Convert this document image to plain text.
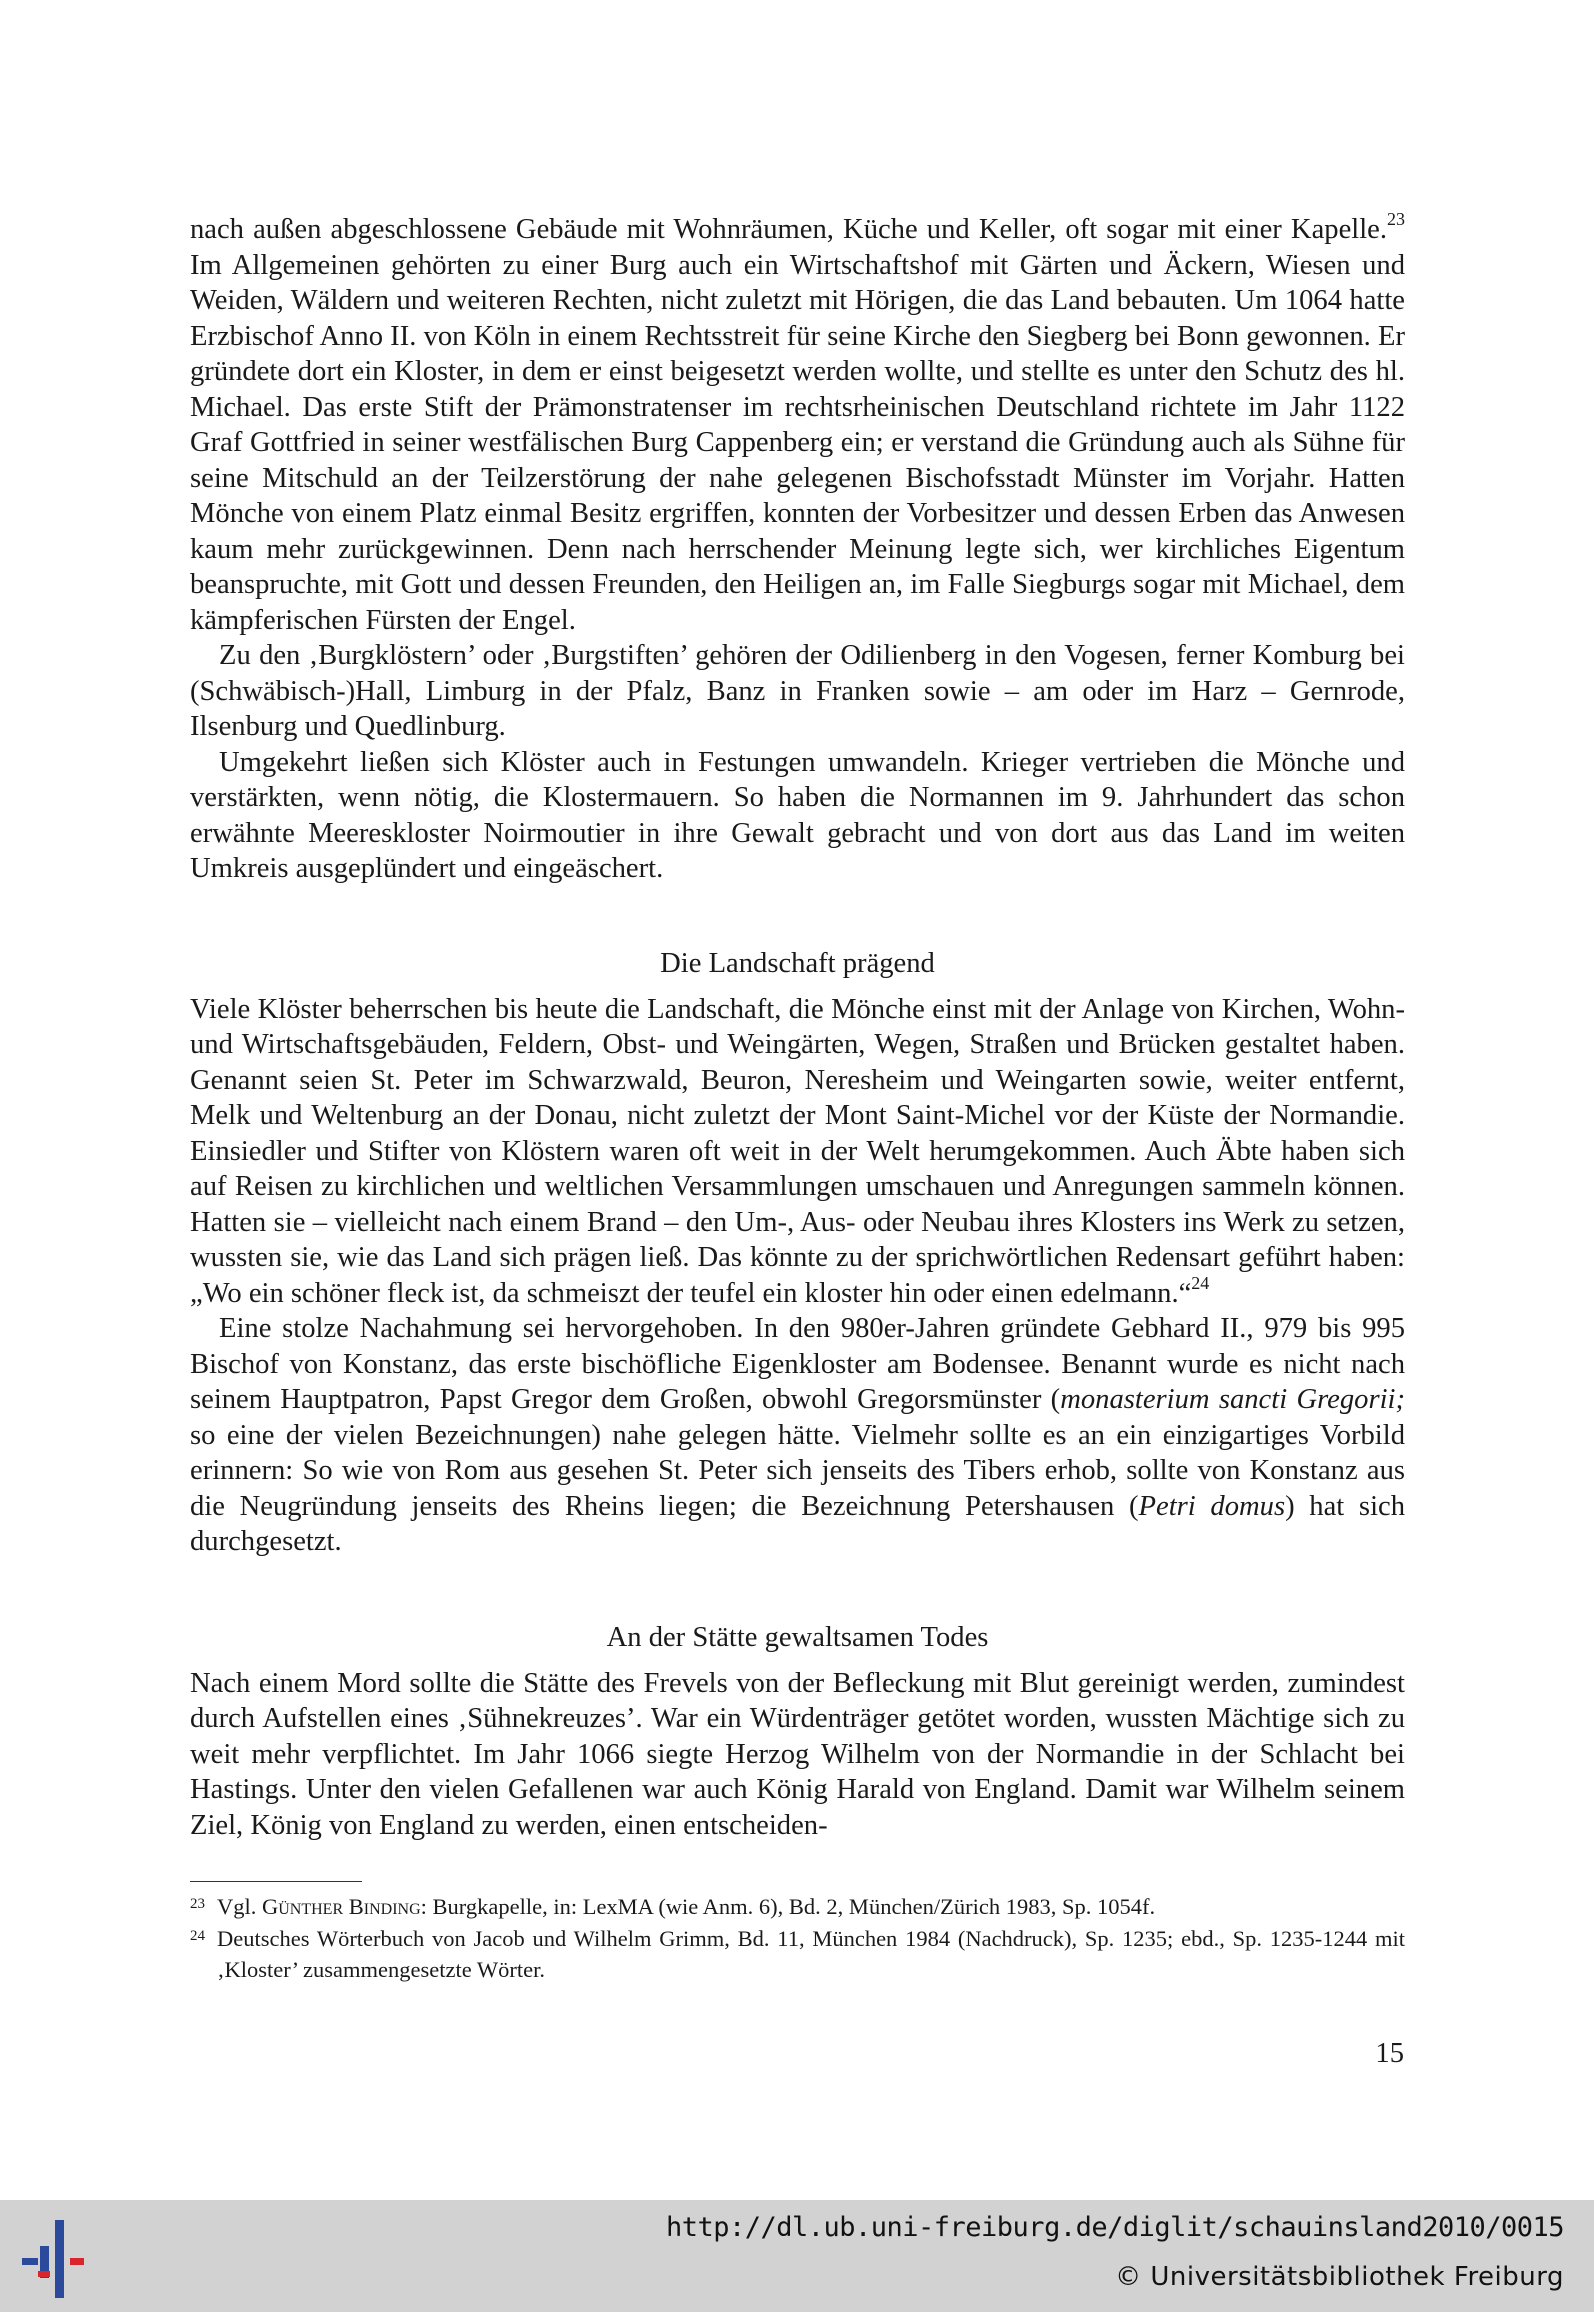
nach außen abgeschlossene Gebäude mit Wohnräumen, Küche und Keller, oft sogar mit einer Kapelle.$^{23}$ Im Allgemeinen gehörten zu einer Burg auch ein Wirtschaftshof mit Gärten und Äckern, Wiesen und Weiden, Wäldern und weiteren Rechten, nicht zuletzt mit Hörigen, die das Land bebauten. Um 1064 hatte Erzbischof Anno II. von Köln in einem Rechtsstreit für seine Kirche den Siegberg bei Bonn gewonnen. Er gründete dort ein Kloster, in dem er einst beigesetzt werden wollte, und stellte es unter den Schutz des hl. Michael. Das erste Stift der Prämonstratenser im rechtsrheinischen Deutschland richtete im Jahr 1122 Graf Gottfried in seiner westfälischen Burg Cappenberg ein; er verstand die Gründung auch als Sühne für seine Mitschuld an der Teilzerstörung der nahe gelegenen Bischofsstadt Münster im Vorjahr. Hatten Mönche von einem Platz einmal Besitz ergriffen, konnten der Vorbesitzer und dessen Erben das Anwesen kaum mehr zurückgewinnen. Denn nach herrschender Meinung legte sich, wer kirchliches Eigentum beanspruchte, mit Gott und dessen Freunden, den Heiligen an, im Falle Siegburgs sogar mit Michael, dem kämpferischen Fürsten der Engel.

Zu den ‚Burgklöstern’ oder ‚Burgstiften’ gehören der Odilienberg in den Vogesen, ferner Komburg bei (Schwäbisch-)Hall, Limburg in der Pfalz, Banz in Franken sowie – am oder im Harz – Gernrode, Ilsenburg und Quedlinburg.

Umgekehrt ließen sich Klöster auch in Festungen umwandeln. Krieger vertrieben die Mönche und verstärkten, wenn nötig, die Klostermauern. So haben die Normannen im 9. Jahrhundert das schon erwähnte Meereskloster Noirmoutier in ihre Gewalt gebracht und von dort aus das Land im weiten Umkreis ausgeplündert und eingeäschert.

Die Landschaft prägend

Viele Klöster beherrschen bis heute die Landschaft, die Mönche einst mit der Anlage von Kirchen, Wohn- und Wirtschaftsgebäuden, Feldern, Obst- und Weingärten, Wegen, Straßen und Brücken gestaltet haben. Genannt seien St. Peter im Schwarzwald, Beuron, Neresheim und Weingarten sowie, weiter entfernt, Melk und Weltenburg an der Donau, nicht zuletzt der Mont Saint-Michel vor der Küste der Normandie. Einsiedler und Stifter von Klöstern waren oft weit in der Welt herumgekommen. Auch Äbte haben sich auf Reisen zu kirchlichen und weltlichen Versammlungen umschauen und Anregungen sammeln können. Hatten sie – vielleicht nach einem Brand – den Um-, Aus- oder Neubau ihres Klosters ins Werk zu setzen, wussten sie, wie das Land sich prägen ließ. Das könnte zu der sprichwörtlichen Redensart geführt haben: „Wo ein schöner fleck ist, da schmeiszt der teufel ein kloster hin oder einen edelmann.“$^{24}$

Eine stolze Nachahmung sei hervorgehoben. In den 980er-Jahren gründete Gebhard II., 979 bis 995 Bischof von Konstanz, das erste bischöfliche Eigenkloster am Bodensee. Benannt wurde es nicht nach seinem Hauptpatron, Papst Gregor dem Großen, obwohl Gregorsmünster (monasterium sancti Gregorii; so eine der vielen Bezeichnungen) nahe gelegen hätte. Vielmehr sollte es an ein einzigartiges Vorbild erinnern: So wie von Rom aus gesehen St. Peter sich jenseits des Tibers erhob, sollte von Konstanz aus die Neugründung jenseits des Rheins liegen; die Bezeichnung Petershausen (Petri domus) hat sich durchgesetzt.

An der Stätte gewaltsamen Todes

Nach einem Mord sollte die Stätte des Frevels von der Befleckung mit Blut gereinigt werden, zumindest durch Aufstellen eines ‚Sühnekreuzes’. War ein Würdenträger getötet worden, wussten Mächtige sich zu weit mehr verpflichtet. Im Jahr 1066 siegte Herzog Wilhelm von der Normandie in der Schlacht bei Hastings. Unter den vielen Gefallenen war auch König Harald von England. Damit war Wilhelm seinem Ziel, König von England zu werden, einen entscheiden-

23 Vgl. Günther Binding: Burgkapelle, in: LexMA (wie Anm. 6), Bd. 2, München/Zürich 1983, Sp. 1054f.

24 Deutsches Wörterbuch von Jacob und Wilhelm Grimm, Bd. 11, München 1984 (Nachdruck), Sp. 1235; ebd., Sp. 1235-1244 mit ‚Kloster’ zusammengesetzte Wörter.

15
http://dl.ub.uni-freiburg.de/diglit/schauinsland2010/0015
© Universitätsbibliothek Freiburg
